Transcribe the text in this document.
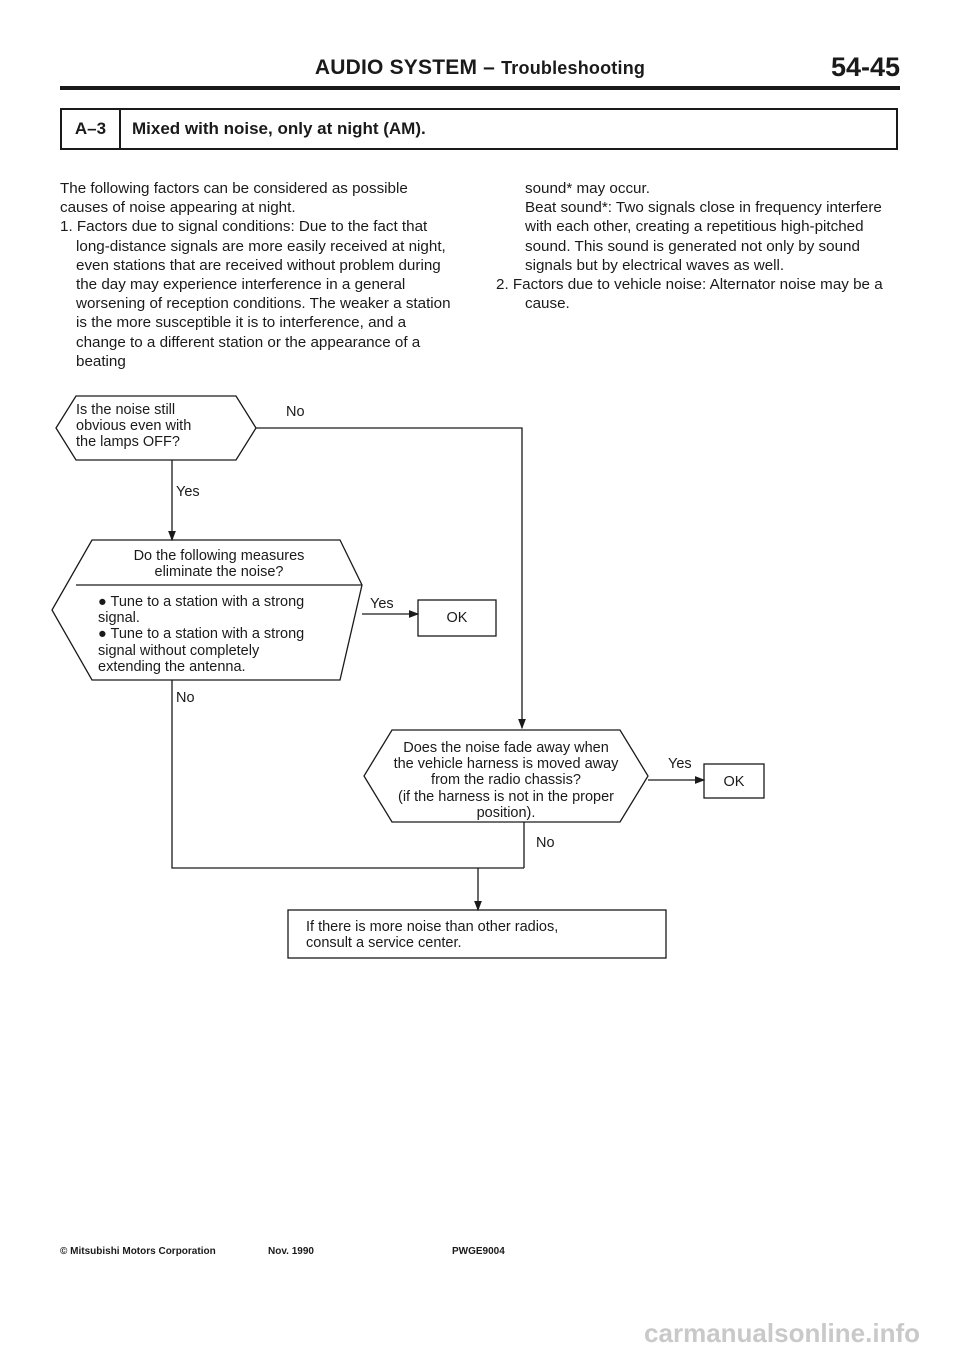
AUDIO SYSTEM – Troubleshooting	54-45
A–3	Mixed with noise, only at night (AM).

The following factors can be considered as possible causes of noise appearing at night.

1. Factors due to signal conditions: Due to the fact that long-distance signals are more easily received at night, even stations that are received without problem during the day may experience interference in a general worsening of reception conditions. The weaker a station is the more susceptible it is to interference, and a change to a different station or the appearance of a beating

sound* may occur.

Beat sound*: Two signals close in frequency interfere with each other, creating a repetitious high-pitched sound. This sound is generated not only by sound signals but by electrical waves as well.

2. Factors due to vehicle noise: Alternator noise may be a cause.

Is the noise still
obvious even with
the lamps OFF?
No
Yes
Do the following measures
eliminate the noise?
● Tune to a station with a strong
signal.
● Tune to a station with a strong
signal without completely
extending the antenna.
Yes
OK
No
Does the noise fade away when
the vehicle harness is moved away
from the radio chassis?
(if the harness is not in the proper
position).
Yes
OK
No
If there is more noise than other radios,
consult a service center.
© Mitsubishi Motors Corporation	Nov. 1990	PWGE9004
carmanualsonline.info
